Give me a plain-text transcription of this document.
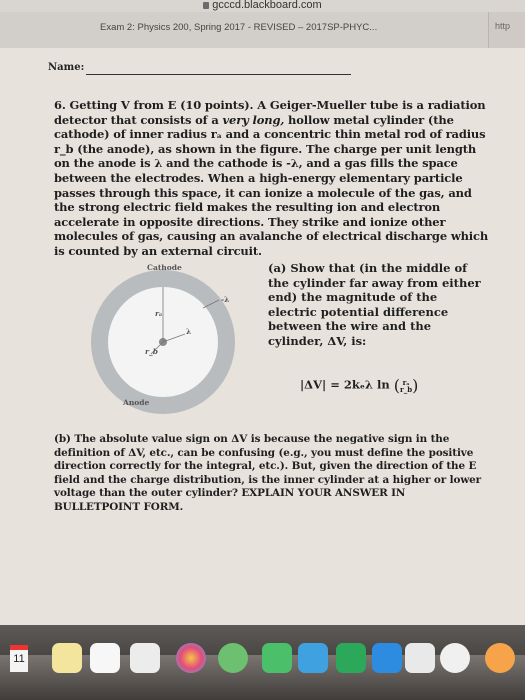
gcccd.blackboard.com
Exam 2: Physics 200, Spring 2017 - REVISED – 2017SP-PHYC...	http
Name:
6. Getting V from E (10 points). A Geiger-Mueller tube is a radiation detector that consists of a very long, hollow metal cylinder (the cathode) of inner radius rₐ and a concentric thin metal rod of radius r_b (the anode), as shown in the figure. The charge per unit length on the anode is λ and the cathode is -λ, and a gas fills the space between the electrodes. When a high-energy elementary particle passes through this space, it can ionize a molecule of the gas, and the strong electric field makes the resulting ion and electron accelerate in opposite directions. They strike and ionize other molecules of gas, causing an avalanche of electrical discharge which is counted by an external circuit.
Cathode
Anode
rₐ
r_b
-λ
λ
(a) Show that (in the middle of the cylinder far away from either end) the magnitude of the electric potential difference between the wire and the cylinder, ΔV, is:
|ΔV| = 2kₑλ ln ( rₐ
r_b)
(b) The absolute value sign on ΔV is because the negative sign in the definition of ΔV, etc., can be confusing (e.g., you must define the positive direction correctly for the integral, etc.). But, given the direction of the E field and the charge distribution, is the inner cylinder at a higher or lower voltage than the outer cylinder? EXPLAIN YOUR ANSWER IN BULLETPOINT FORM.
11
